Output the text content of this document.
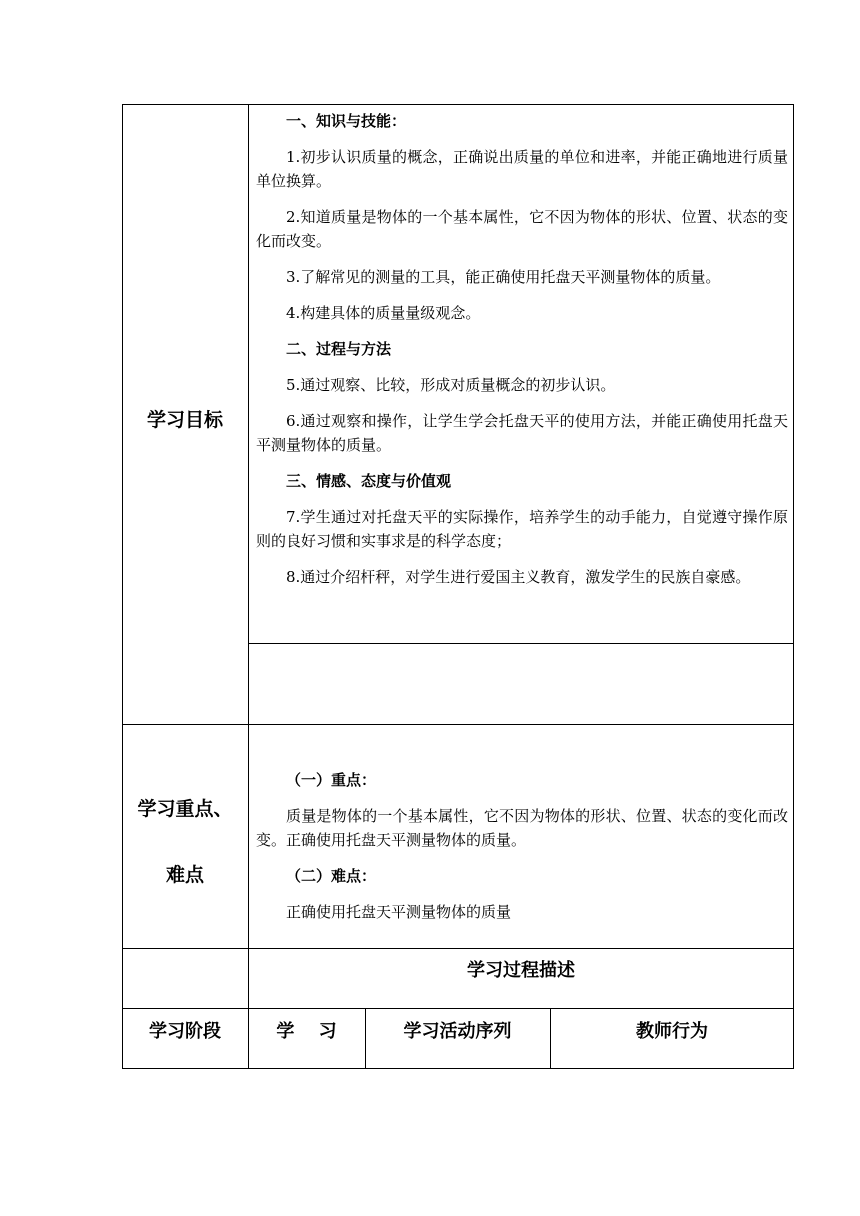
学习目标

一、知识与技能：

1.初步认识质量的概念，正确说出质量的单位和进率，并能正确地进行质量单位换算。

2.知道质量是物体的一个基本属性，它不因为物体的形状、位置、状态的变化而改变。

3.了解常见的测量的工具，能正确使用托盘天平测量物体的质量。

4.构建具体的质量量级观念。

二、过程与方法

5.通过观察、比较，形成对质量概念的初步认识。

6.通过观察和操作，让学生学会托盘天平的使用方法，并能正确使用托盘天平测量物体的质量。

三、情感、态度与价值观

7.学生通过对托盘天平的实际操作，培养学生的动手能力，自觉遵守操作原则的良好习惯和实事求是的科学态度；

8.通过介绍杆秤，对学生进行爱国主义教育，激发学生的民族自豪感。

学习重点、
难点

（一）重点：

质量是物体的一个基本属性，它不因为物体的形状、位置、状态的变化而改变。正确使用托盘天平测量物体的质量。

（二）难点：

正确使用托盘天平测量物体的质量

学习过程描述
学习阶段	学　 习	学习活动序列	教师行为
